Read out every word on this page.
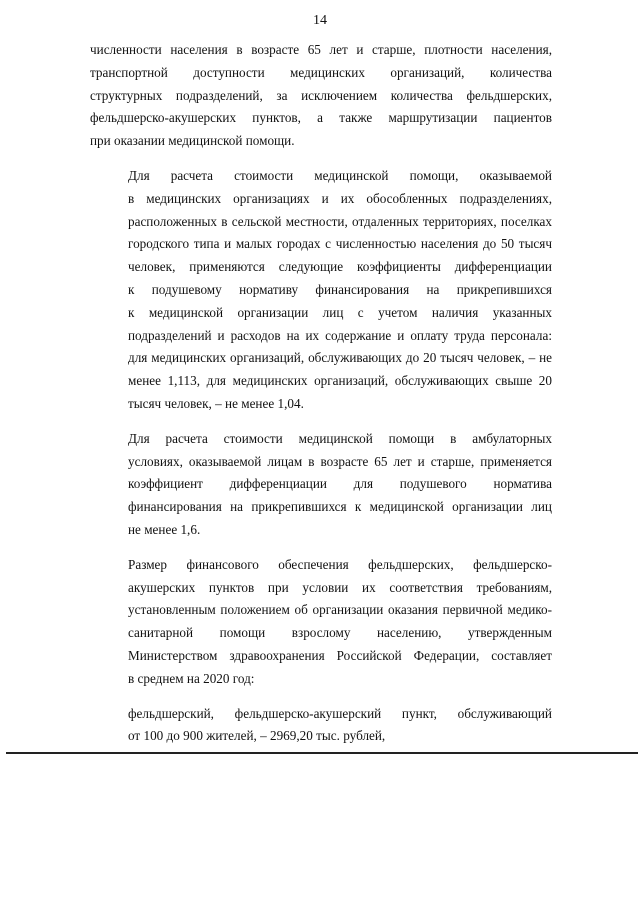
14

численности населения в возрасте 65 лет и старше, плотности населения,
транспортной доступности медицинских организаций, количества
структурных подразделений, за исключением количества фельдшерских,
фельдшерско-акушерских пунктов, а также маршрутизации пациентов
при оказании медицинской помощи.

Для расчета стоимости медицинской помощи, оказываемой
в медицинских организациях и их обособленных подразделениях,
расположенных в сельской местности, отдаленных территориях, поселках
городского типа и малых городах с численностью населения до 50 тысяч
человек, применяются следующие коэффициенты дифференциации
к подушевому нормативу финансирования на прикрепившихся
к медицинской организации лиц с учетом наличия указанных
подразделений и расходов на их содержание и оплату труда персонала:
для медицинских организаций, обслуживающих до 20 тысяч человек, – не
менее 1,113, для медицинских организаций, обслуживающих свыше 20
тысяч человек, – не менее 1,04.

Для расчета стоимости медицинской помощи в амбулаторных
условиях, оказываемой лицам в возрасте 65 лет и старше, применяется
коэффициент дифференциации для подушевого норматива
финансирования на прикрепившихся к медицинской организации лиц
не менее 1,6.

Размер финансового обеспечения фельдшерских, фельдшерско-
акушерских пунктов при условии их соответствия требованиям,
установленным положением об организации оказания первичной медико-
санитарной помощи взрослому населению, утвержденным
Министерством здравоохранения Российской Федерации, составляет
в среднем на 2020 год:

фельдшерский, фельдшерско-акушерский пункт, обслуживающий
от 100 до 900 жителей, – 2969,20 тыс. рублей,
